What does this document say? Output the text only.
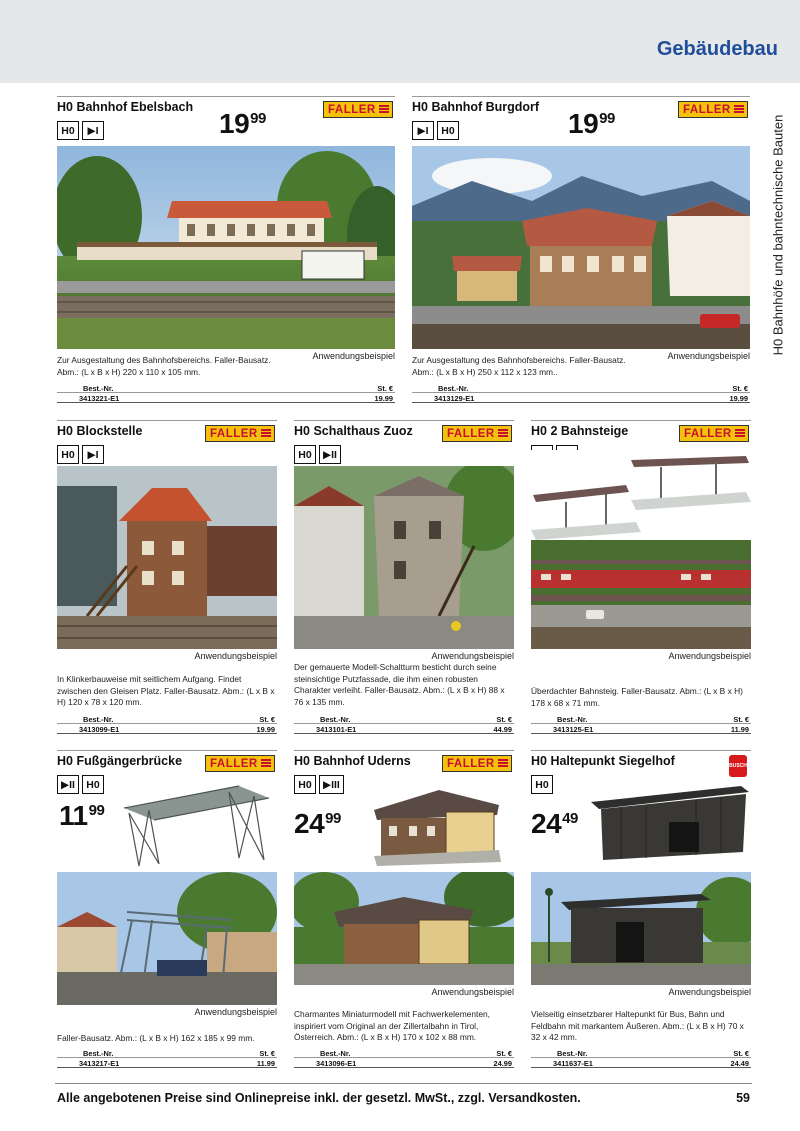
Gebäudebau
H0 Bahnhöfe und bahntechnische Bauten
H0 Bahnhof Ebelsbach	FALLER
H0	▶I	$19^{99}$
Anwendungsbeispiel
Zur Ausgestaltung des Bahnhofsbereichs. Faller-Bausatz. Abm.: (L x B x H) 220 x 110 x 105 mm.
Best.-Nr.	St. €
3413221-E1	19.99
H0 Bahnhof Burgdorf	FALLER
▶I	H0	$19^{99}$
Anwendungsbeispiel
Zur Ausgestaltung des Bahnhofsbereichs. Faller-Bausatz. Abm.: (L x B x H) 250 x 112 x 123 mm..
Best.-Nr.	St. €
3413129-E1	19.99
H0 Blockstelle	FALLER
H0	▶I
Anwendungsbeispiel
In Klinkerbauweise mit seitlichem Aufgang. Findet zwischen den Gleisen Platz. Faller-Bausatz. Abm.: (L x B x H) 120 x 78 x 120 mm.
Best.-Nr.	St. €
3413099-E1	19.99
H0 Schalthaus Zuoz	FALLER
H0	▶II
Anwendungsbeispiel
Der gemauerte Modell-Schaltturm besticht durch seine steinsichtige Putzfassade, die ihm einen robusten Charakter verleiht. Faller-Bausatz. Abm.: (L x B x H) 88 x 76 x 135 mm.
Best.-Nr.	St. €
3413101-E1	44.99
H0 2 Bahnsteige	FALLER
Anwendungsbeispiel
Überdachter Bahnsteig. Faller-Bausatz. Abm.: (L x B x H) 178 x 68 x 71 mm.
Best.-Nr.	St. €
3413125-E1	11.99
H0 Fußgängerbrücke	FALLER
▶II	H0
$11^{99}$
Anwendungsbeispiel
Faller-Bausatz. Abm.: (L x B x H) 162 x 185 x 99 mm.
Best.-Nr.	St. €
3413217-E1	11.99
H0 Bahnhof Uderns	FALLER
H0	▶III
$24^{99}$
Anwendungsbeispiel
Charmantes Miniaturmodell mit Fachwerkelementen, inspiriert vom Original an der Zillertalbahn in Tirol, Österreich. Abm.: (L x B x H) 170 x 102 x 88 mm.
Best.-Nr.	St. €
3413096-E1	24.99
H0 Haltepunkt Siegelhof	BUSCH
H0
$24^{49}$
Anwendungsbeispiel
Vielseitig einsetzbarer Haltepunkt für Bus, Bahn und Feldbahn mit markantem Äußeren. Abm.: (L x B x H) 70 x 32 x 42 mm.
Best.-Nr.	St. €
3411637-E1	24.49
Alle angebotenen Preise sind Onlinepreise inkl. der gesetzl. MwSt., zzgl. Versandkosten.	59
